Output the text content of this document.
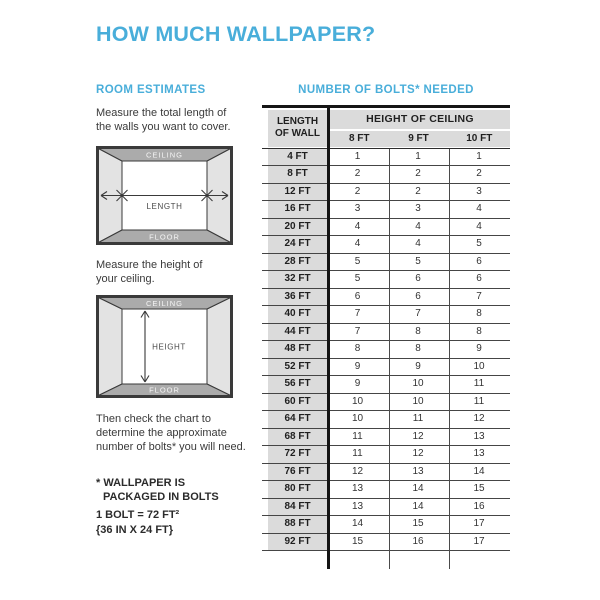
HOW MUCH WALLPAPER?
ROOM ESTIMATES	NUMBER OF BOLTS* NEEDED

Measure the total length of the walls you want to cover.

CEILING
FLOOR
LENGTH

Measure the height of your ceiling.

CEILING
FLOOR
HEIGHT

Then check the chart to determine the approximate number of bolts* you will need.

* WALLPAPER IS
PACKAGED IN BOLTS
1 BOLT = 72 FT²
{36 IN X 24 FT}
LENGTH OF WALL
HEIGHT OF CEILING
8 FT	9 FT	10 FT
4 FT	1	1	1
8 FT	2	2	2
12 FT	2	2	3
16 FT	3	3	4
20 FT	4	4	4
24 FT	4	4	5
28 FT	5	5	6
32 FT	5	6	6
36 FT	6	6	7
40 FT	7	7	8
44 FT	7	8	8
48 FT	8	8	9
52 FT	9	9	10
56 FT	9	10	11
60 FT	10	10	11
64 FT	10	11	12
68 FT	11	12	13
72 FT	11	12	13
76 FT	12	13	14
80 FT	13	14	15
84 FT	13	14	16
88 FT	14	15	17
92 FT	15	16	17
